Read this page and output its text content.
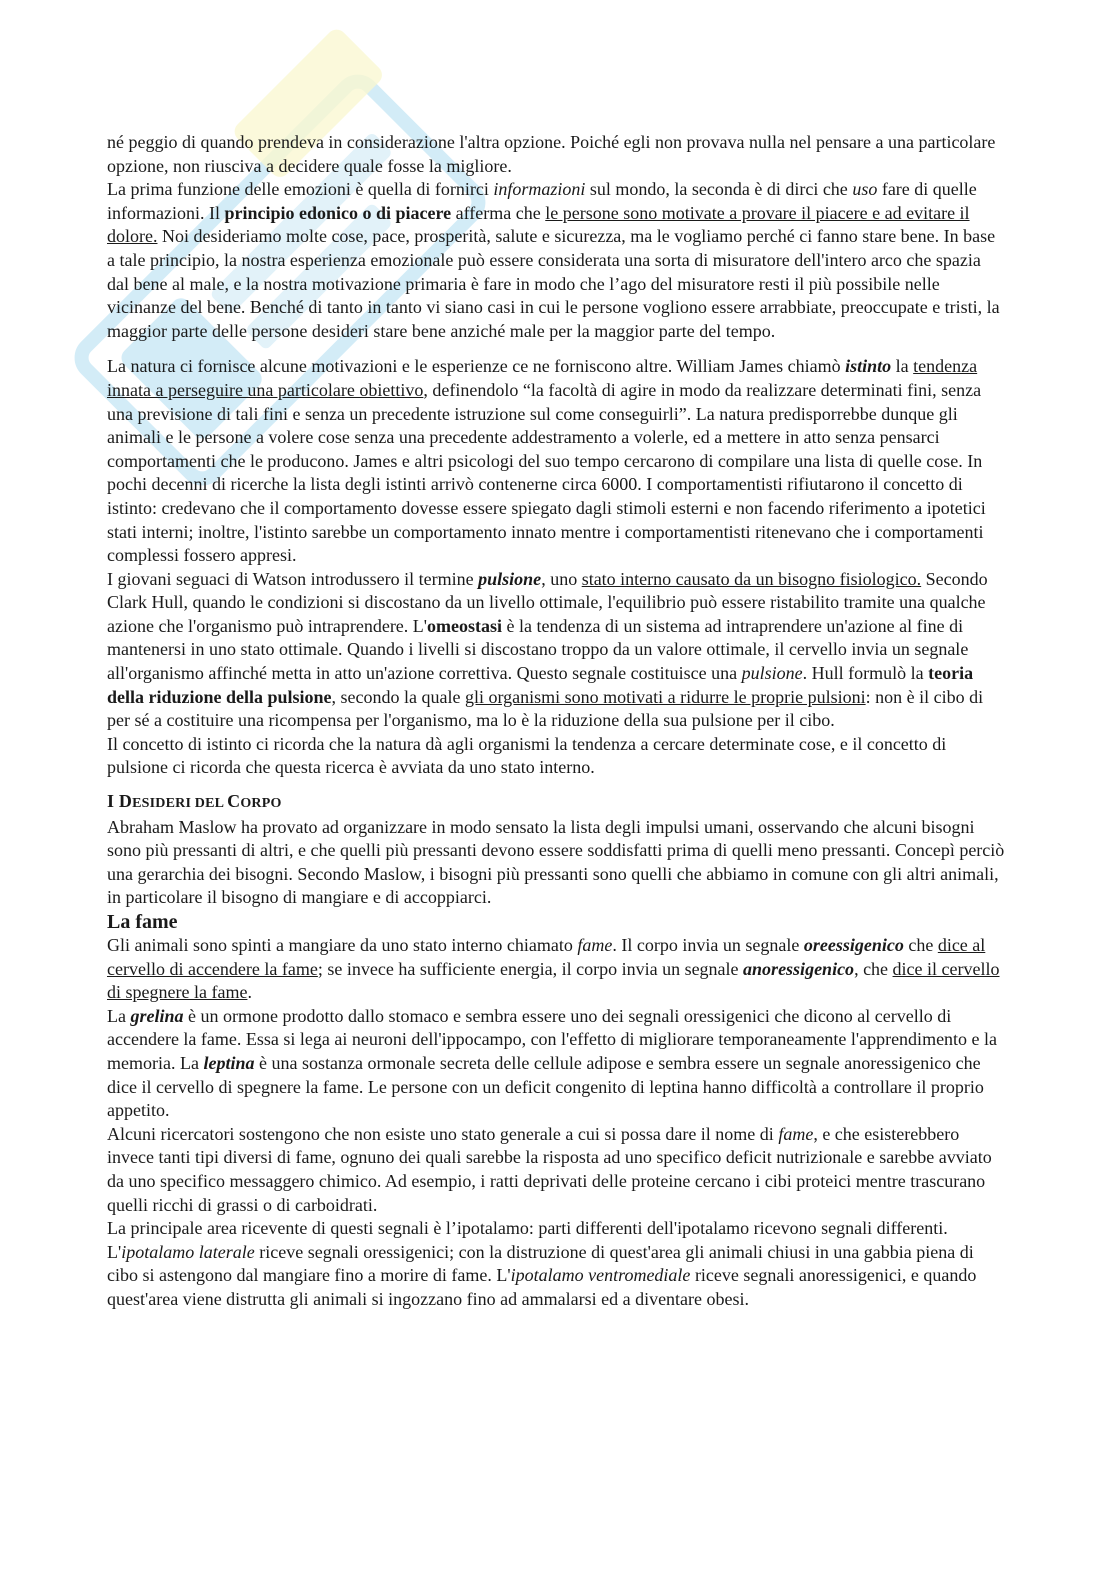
né peggio di quando prendeva in considerazione l'altra opzione. Poiché egli non provava nulla nel pensare a una particolare opzione, non riusciva a decidere quale fosse la migliore.

La prima funzione delle emozioni è quella di fornirci informazioni sul mondo, la seconda è di dirci che uso fare di quelle informazioni. Il principio edonico o di piacere afferma che le persone sono motivate a provare il piacere e ad evitare il dolore. Noi desideriamo molte cose, pace, prosperità, salute e sicurezza, ma le vogliamo perché ci fanno stare bene. In base a tale principio, la nostra esperienza emozionale può essere considerata una sorta di misuratore dell'intero arco che spazia dal bene al male, e la nostra motivazione primaria è fare in modo che l’ago del misuratore resti il più possibile nelle vicinanze del bene. Benché di tanto in tanto vi siano casi in cui le persone vogliono essere arrabbiate, preoccupate e tristi, la maggior parte delle persone desideri stare bene anziché male per la maggior parte del tempo.

La natura ci fornisce alcune motivazioni e le esperienze ce ne forniscono altre. William James chiamò istinto la tendenza innata a perseguire una particolare obiettivo, definendolo “la facoltà di agire in modo da realizzare determinati fini, senza una previsione di tali fini e senza un precedente istruzione sul come conseguirli”. La natura predisporrebbe dunque gli animali e le persone a volere cose senza una precedente addestramento a volerle, ed a mettere in atto senza pensarci comportamenti che le producono. James e altri psicologi del suo tempo cercarono di compilare una lista di quelle cose. In pochi decenni di ricerche la lista degli istinti arrivò contenerne circa 6000. I comportamentisti rifiutarono il concetto di istinto: credevano che il comportamento dovesse essere spiegato dagli stimoli esterni e non facendo riferimento a ipotetici stati interni; inoltre, l'istinto sarebbe un comportamento innato mentre i comportamentisti ritenevano che i comportamenti complessi fossero appresi.

I giovani seguaci di Watson introdussero il termine pulsione, uno stato interno causato da un bisogno fisiologico. Secondo Clark Hull, quando le condizioni si discostano da un livello ottimale, l'equilibrio può essere ristabilito tramite una qualche azione che l'organismo può intraprendere. L'omeostasi è la tendenza di un sistema ad intraprendere un'azione al fine di mantenersi in uno stato ottimale. Quando i livelli si discostano troppo da un valore ottimale, il cervello invia un segnale all'organismo affinché metta in atto un'azione correttiva. Questo segnale costituisce una pulsione. Hull formulò la teoria della riduzione della pulsione, secondo la quale gli organismi sono motivati a ridurre le proprie pulsioni: non è il cibo di per sé a costituire una ricompensa per l'organismo, ma lo è la riduzione della sua pulsione per il cibo.

Il concetto di istinto ci ricorda che la natura dà agli organismi la tendenza a cercare determinate cose, e il concetto di pulsione ci ricorda che questa ricerca è avviata da uno stato interno.

I DESIDERI DEL CORPO

Abraham Maslow ha provato ad organizzare in modo sensato la lista degli impulsi umani, osservando che alcuni bisogni sono più pressanti di altri, e che quelli più pressanti devono essere soddisfatti prima di quelli meno pressanti. Concepì perciò una gerarchia dei bisogni. Secondo Maslow, i bisogni più pressanti sono quelli che abbiamo in comune con gli altri animali, in particolare il bisogno di mangiare e di accoppiarci.

La fame

Gli animali sono spinti a mangiare da uno stato interno chiamato fame. Il corpo invia un segnale oreessigenico che dice al cervello di accendere la fame; se invece ha sufficiente energia, il corpo invia un segnale anoressigenico, che dice il cervello di spegnere la fame.

La grelina è un ormone prodotto dallo stomaco e sembra essere uno dei segnali oressigenici che dicono al cervello di accendere la fame. Essa si lega ai neuroni dell'ippocampo, con l'effetto di migliorare temporaneamente l'apprendimento e la memoria. La leptina è una sostanza ormonale secreta delle cellule adipose e sembra essere un segnale anoressigenico che dice il cervello di spegnere la fame. Le persone con un deficit congenito di leptina hanno difficoltà a controllare il proprio appetito.

Alcuni ricercatori sostengono che non esiste uno stato generale a cui si possa dare il nome di fame, e che esisterebbero invece tanti tipi diversi di fame, ognuno dei quali sarebbe la risposta ad uno specifico deficit nutrizionale e sarebbe avviato da uno specifico messaggero chimico. Ad esempio, i ratti deprivati delle proteine cercano i cibi proteici mentre trascurano quelli ricchi di grassi o di carboidrati.

La principale area ricevente di questi segnali è l’ipotalamo: parti differenti dell'ipotalamo ricevono segnali differenti. L'ipotalamo laterale riceve segnali oressigenici; con la distruzione di quest'area gli animali chiusi in una gabbia piena di cibo si astengono dal mangiare fino a morire di fame. L'ipotalamo ventromediale riceve segnali anoressigenici, e quando quest'area viene distrutta gli animali si ingozzano fino ad ammalarsi ed a diventare obesi.
